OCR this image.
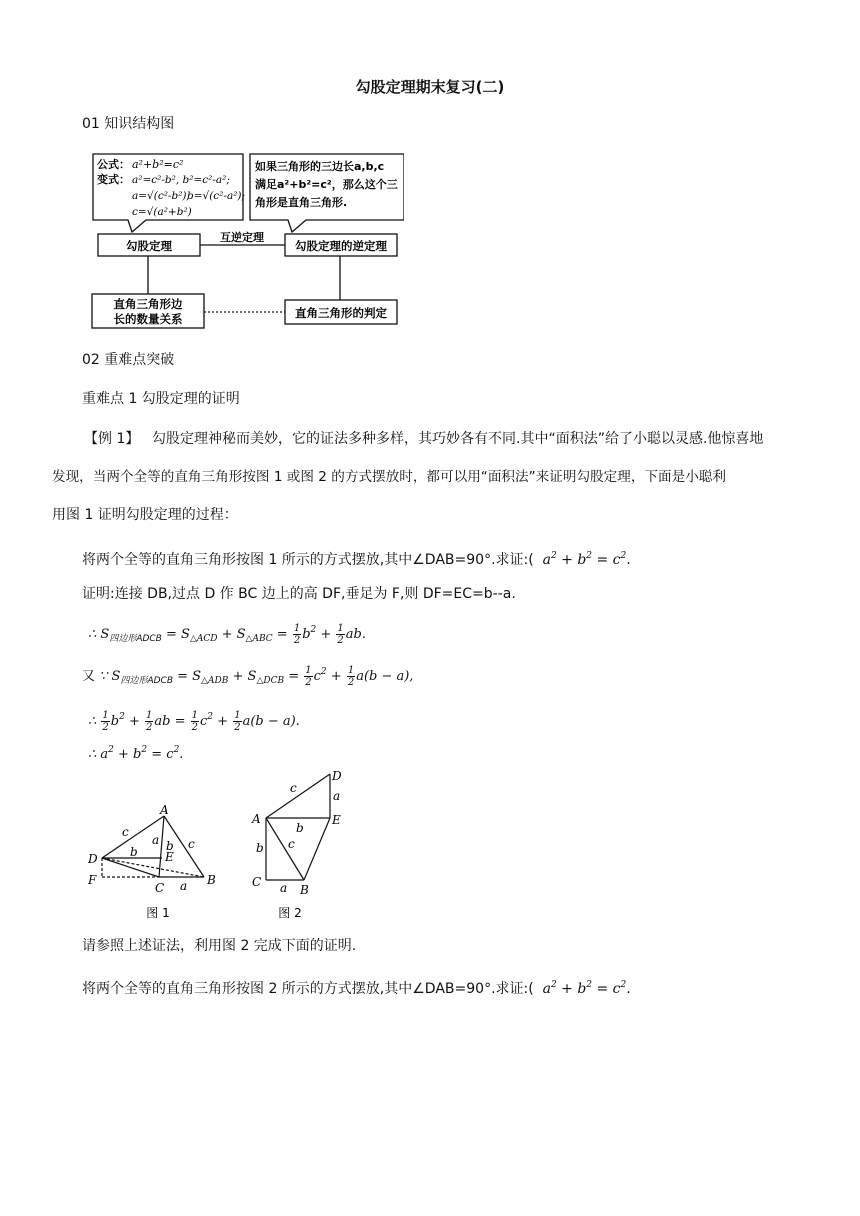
勾股定理期末复习(二)
01 知识结构图
公式： a²+b²=c²
变式： a²=c²-b², b²=c²-a²;
a=√(c²-b²);
b=√(c²-a²);
c=√(a²+b²)
如果三角形的三边长a,b,c
满足a²+b²=c²，那么这个三
角形是直角三角形.
勾股定理
互逆定理
勾股定理的逆定理
直角三角形边
长的数量关系	直角三角形的判定
02 重难点突破
重难点 1 勾股定理的证明
【例 1】 勾股定理神秘而美妙，它的证法多种多样，其巧妙各有不同.其中“面积法”给了小聪以灵感.他惊喜地
发现，当两个全等的直角三角形按图 1 或图 2 的方式摆放时，都可以用“面积法”来证明勾股定理，下面是小聪利
用图 1 证明勾股定理的过程：
将两个全等的直角三角形按图 1 所示的方式摆放,其中∠DAB=90°.求证:(  $a^2 + b^2 = c^2$.
证明:连接 DB,过点 D 作 BC 边上的高 DF,垂足为 F,则 DF=EC=b--a.
∴ $S_{四边形ADCB} = S_{\triangle ACD} + S_{\triangle ABC} = \frac{1}{2} b^2 + \frac{1}{2}$ ab.
又 ∵ $S_{四边形ADCB} = S_{\triangle ADB} + S_{\triangle DCB} = \frac{1}{2} c^2 + \frac{1}{2} a(b - a)$,
∴ $\frac{1}{2} b^2 + \frac{1}{2}$ ab = $\frac{1}{2} c^2 + \frac{1}{2} a(b - a)$.
∴ $a^2 + b^2 = c^2$.
A
D
F
C
B
E
c
a b c
b
a
图 1
D
E
A
C
B
c
a
b
c
b
a
图 2
请参照上述证法，利用图 2 完成下面的证明.
将两个全等的直角三角形按图 2 所示的方式摆放,其中∠DAB=90°.求证:(  $a^2 + b^2 = c^2$.
